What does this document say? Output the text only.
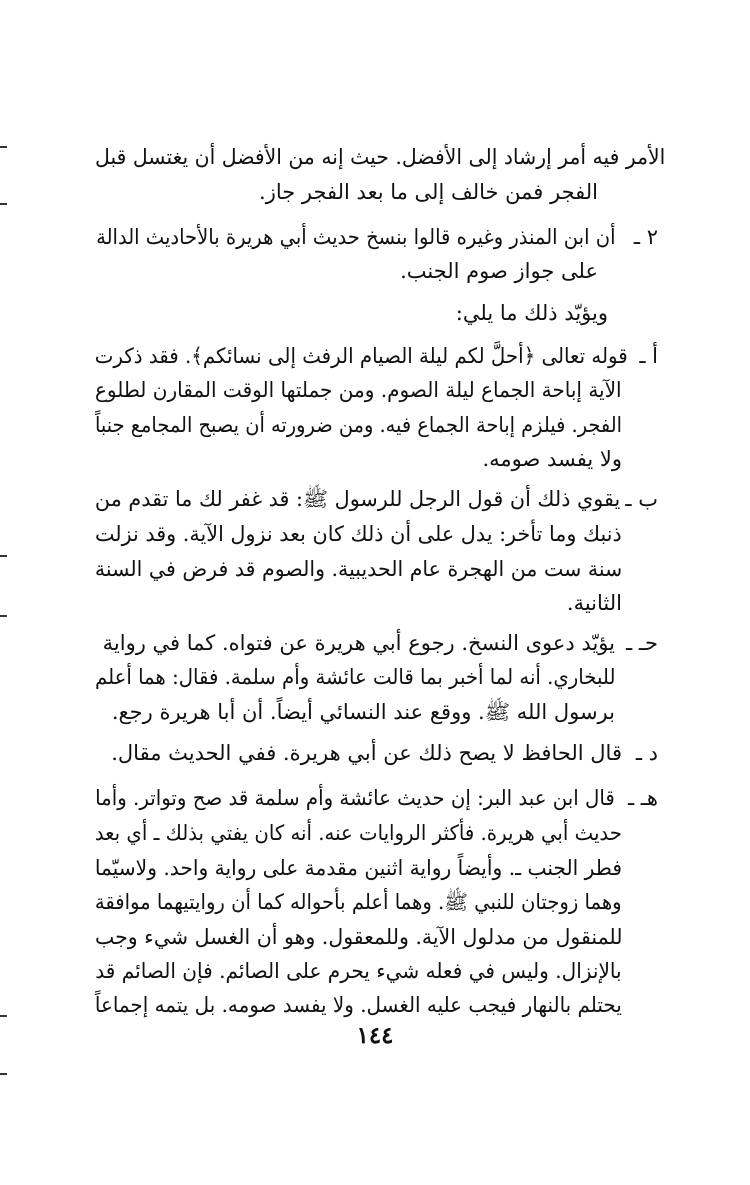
الأمر فيه أمر إرشاد إلى الأفضل. حيث إنه من الأفضل أن يغتسل قبل
الفجر فمن خالف إلى ما بعد الفجر جاز.
٢ ـ
أن ابن المنذر وغيره قالوا بنسخ حديث أبي هريرة بالأحاديث الدالة
على جواز صوم الجنب.
ويؤيّد ذلك ما يلي:
أ ـ
قوله تعالى ﴿أحلَّ لكم ليلة الصيام الرفث إلى نسائكم﴾. فقد ذكرت
الآية إباحة الجماع ليلة الصوم. ومن جملتها الوقت المقارن لطلوع
الفجر. فيلزم إباحة الجماع فيه. ومن ضرورته أن يصبح المجامع جنباً
ولا يفسد صومه.
ب ـ
يقوي ذلك أن قول الرجل للرسول ﷺ: قد غفر لك ما تقدم من
ذنبك وما تأخر: يدل على أن ذلك كان بعد نزول الآية. وقد نزلت
سنة ست من الهجرة عام الحديبية. والصوم قد فرض في السنة
الثانية.
حـ ـ
يؤيّد دعوى النسخ. رجوع أبي هريرة عن فتواه. كما في رواية
للبخاري. أنه لما أخبر بما قالت عائشة وأم سلمة. فقال: هما أعلم
برسول الله ﷺ. ووقع عند النسائي أيضاً. أن أبا هريرة رجع.
د ـ
قال الحافظ لا يصح ذلك عن أبي هريرة. ففي الحديث مقال.
هـ ـ
قال ابن عبد البر: إن حديث عائشة وأم سلمة قد صح وتواتر. وأما
حديث أبي هريرة. فأكثر الروايات عنه. أنه كان يفتي بذلك ـ أي بعد
فطر الجنب ـ. وأيضاً رواية اثنين مقدمة على رواية واحد. ولاسيّما
وهما زوجتان للنبي ﷺ. وهما أعلم بأحواله كما أن روايتيهما موافقة
للمنقول من مدلول الآية. وللمعقول. وهو أن الغسل شيء وجب
بالإنزال. وليس في فعله شيء يحرم على الصائم. فإن الصائم قد
يحتلم بالنهار فيجب عليه الغسل. ولا يفسد صومه. بل يتمه إجماعاً
١٤٤
